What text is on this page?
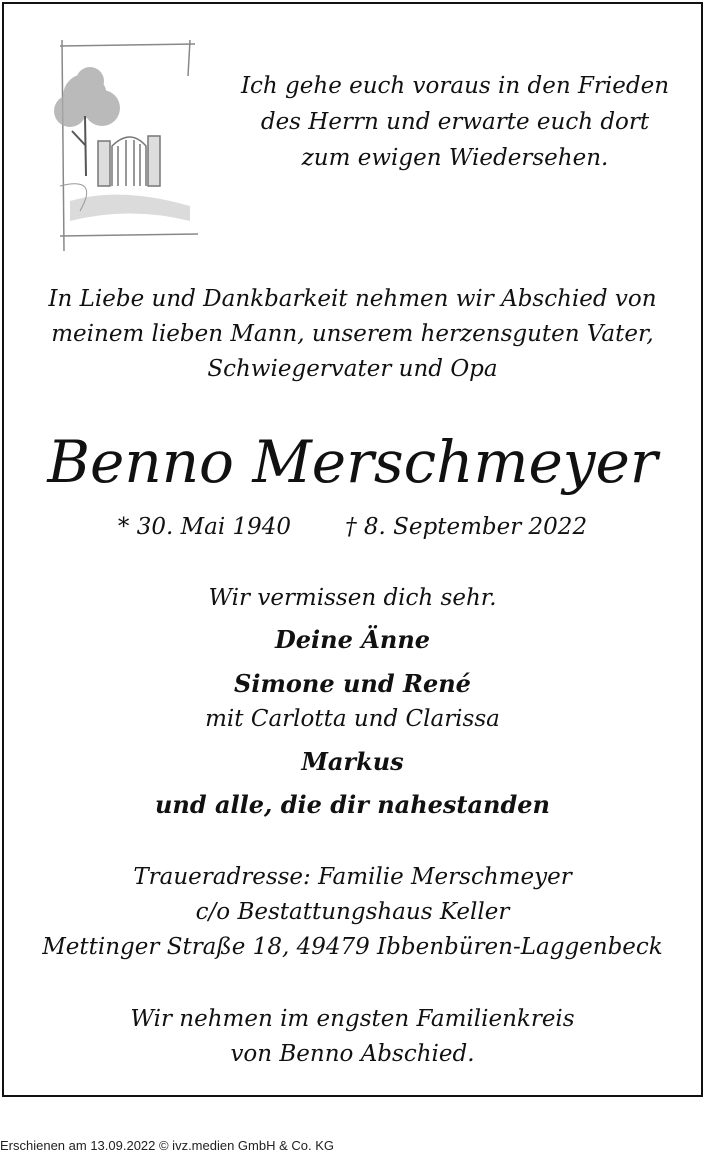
Ich gehe euch voraus in den Frieden
des Herrn und erwarte euch dort
zum ewigen Wiedersehen.
In Liebe und Dankbarkeit nehmen wir Abschied von
meinem lieben Mann, unserem herzensguten Vater,
Schwiegervater und Opa
Benno Merschmeyer
* 30. Mai 1940 † 8. September 2022
Wir vermissen dich sehr.
Deine Änne
Simone und René
mit Carlotta und Clarissa
Markus
und alle, die dir nahestanden
Traueradresse: Familie Merschmeyer
c/o Bestattungshaus Keller
Mettinger Straße 18, 49479 Ibbenbüren-Laggenbeck
Wir nehmen im engsten Familienkreis
von Benno Abschied.
Erschienen am 13.09.2022 © ivz.medien GmbH & Co. KG
